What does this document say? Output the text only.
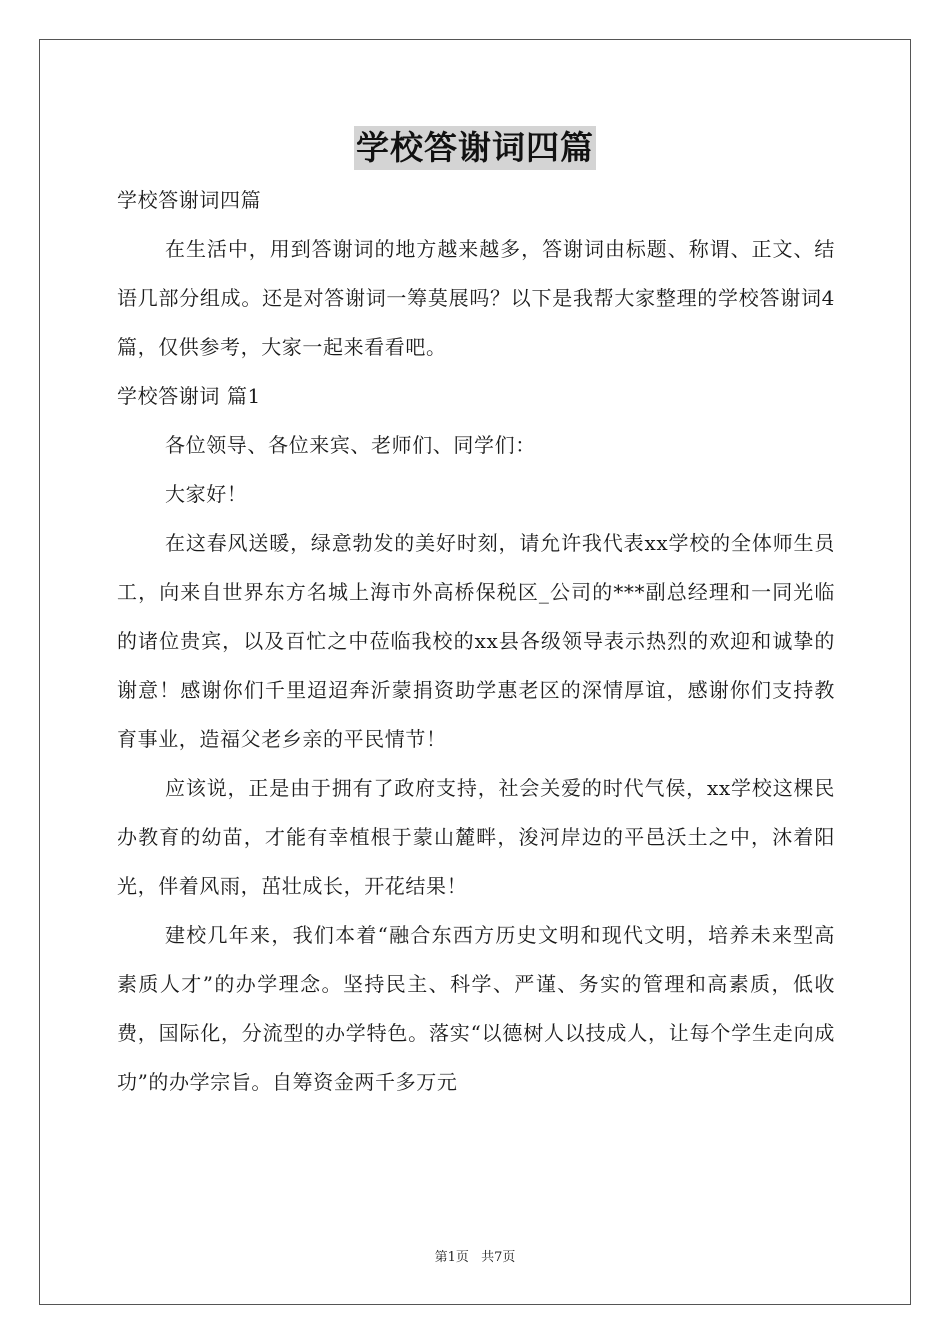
学校答谢词四篇

学校答谢词四篇

在生活中，用到答谢词的地方越来越多，答谢词由标题、称谓、正文、结语几部分组成。还是对答谢词一筹莫展吗？以下是我帮大家整理的学校答谢词4篇，仅供参考，大家一起来看看吧。

学校答谢词 篇1

各位领导、各位来宾、老师们、同学们：

大家好！

在这春风送暖，绿意勃发的美好时刻，请允许我代表xx学校的全体师生员工，向来自世界东方名城上海市外高桥保税区_公司的***副总经理和一同光临的诸位贵宾，以及百忙之中莅临我校的xx县各级领导表示热烈的欢迎和诚挚的谢意！感谢你们千里迢迢奔沂蒙捐资助学惠老区的深情厚谊，感谢你们支持教育事业，造福父老乡亲的平民情节！

应该说，正是由于拥有了政府支持，社会关爱的时代气侯，xx学校这棵民办教育的幼苗，才能有幸植根于蒙山麓畔，浚河岸边的平邑沃土之中，沐着阳光，伴着风雨，茁壮成长，开花结果！

建校几年来，我们本着“融合东西方历史文明和现代文明，培养未来型高素质人才”的办学理念。坚持民主、科学、严谨、务实的管理和高素质，低收费，国际化，分流型的办学特色。落实“以德树人以技成人，让每个学生走向成功”的办学宗旨。自筹资金两千多万元

第1页 共7页
